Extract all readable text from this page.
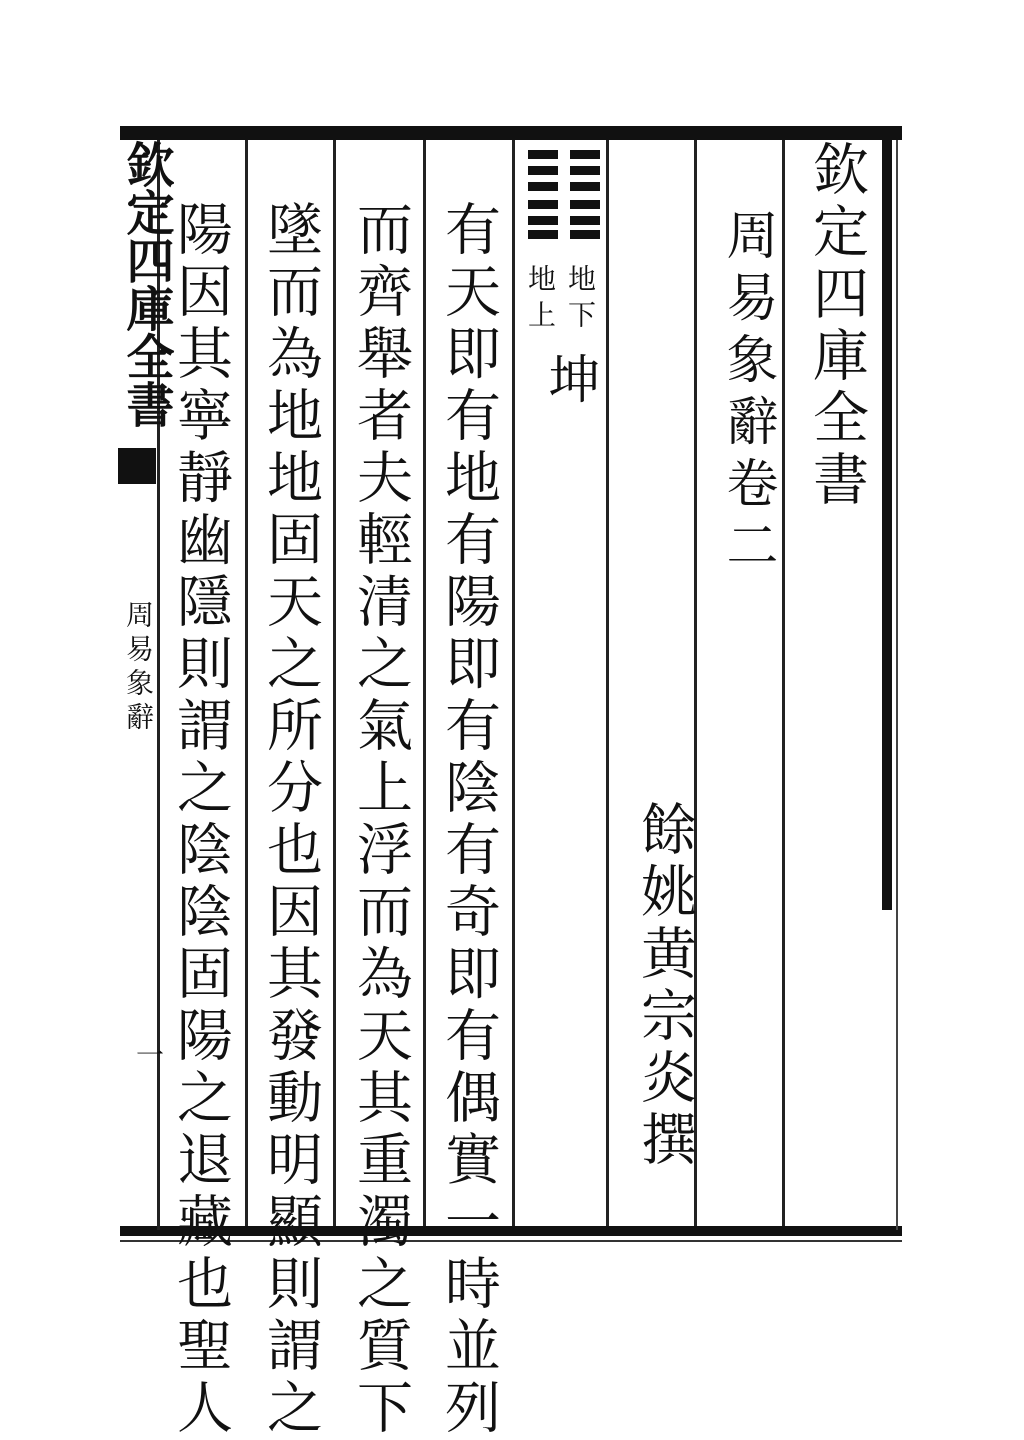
欽定四庫全書
周易象辭卷二
餘姚黄宗炎撰
地下
地上
坤
有天即有地有陽即有陰有奇即有偶實一時並列
而齊舉者夫輕清之氣上浮而為天其重濁之質下
墜而為地地固天之所分也因其發動明顯則謂之
陽因其寧靜幽隱則謂之陰陰固陽之退藏也聖人
欽定四庫全書
周易象辭
一
